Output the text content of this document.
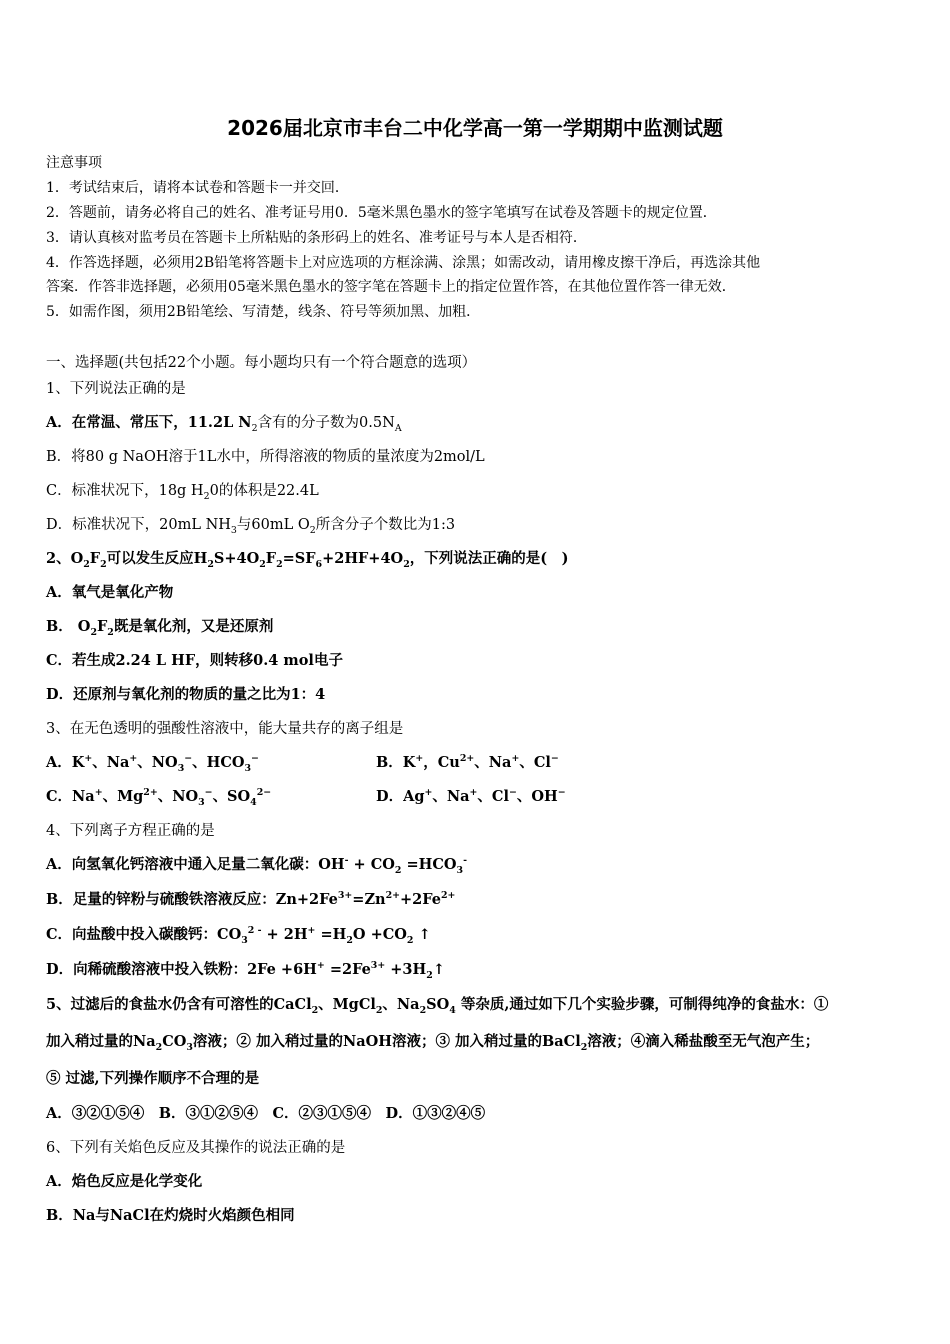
2026届北京市丰台二中化学高一第一学期期中监测试题
注意事项
1．考试结束后，请将本试卷和答题卡一并交回．
2．答题前，请务必将自己的姓名、准考证号用0．5毫米黑色墨水的签字笔填写在试卷及答题卡的规定位置．
3．请认真核对监考员在答题卡上所粘贴的条形码上的姓名、准考证号与本人是否相符．
4．作答选择题，必须用2B铅笔将答题卡上对应选项的方框涂满、涂黑；如需改动，请用橡皮擦干净后，再选涂其他
答案．作答非选择题，必须用05毫米黑色墨水的签字笔在答题卡上的指定位置作答，在其他位置作答一律无效．
5．如需作图，须用2B铅笔绘、写清楚，线条、符号等须加黑、加粗．
一、选择题(共包括22个小题。每小题均只有一个符合题意的选项）
1、下列说法正确的是
A．在常温、常压下，11.2L $N_2$含有的分子数为$0.5N_A$
B．将80 g NaOH溶于1L水中，所得溶液的物质的量浓度为2mol/L
C．标准状况下，18g $H_20$的体积是22.4L
D．标准状况下，20mL $NH_3$与60mL $O_2$所含分子个数比为1:3
2、$O_2F_2$可以发生反应$H_2S+4O_2F_2=SF_6+2HF+4O_2$，下列说法正确的是(　)
A．氧气是氧化产物
B． $O_2F_2$既是氧化剂，又是还原剂
C．若生成2.24 L HF，则转移0.4 mol电子
D．还原剂与氧化剂的物质的量之比为1：4
3、在无色透明的强酸性溶液中，能大量共存的离子组是
A．K+、Na+、$NO_3^-$、$HCO_3^-$	B．K+，$Cu^{2+}$、Na+、Cl−
C．Na+、$Mg^{2+}$、$NO_3^-$、$SO_4^{2-}$	D．Ag+、Na+、Cl−、OH−
4、下列离子方程正确的是
A．向氢氧化钙溶液中通入足量二氧化碳：$OH^- + CO_2 =HCO_3^-$
B．足量的锌粉与硫酸铁溶液反应：$Zn+2Fe^{3+}=Zn^{2+}+2Fe^{2+}$
C．向盐酸中投入碳酸钙：$CO_3^{2 -} + 2H^+ =H_2O +CO_2$ ↑
D．向稀硫酸溶液中投入铁粉：$2Fe +6H^+ =2Fe^{3+}$ $+3H_2↑$
5、过滤后的食盐水仍含有可溶性的CaCl$_2$、MgCl$_2$、$Na_2SO_4$ 等杂质,通过如下几个实验步骤，可制得纯净的食盐水：①
加入稍过量的$Na_2CO_3$溶液；② 加入稍过量的NaOH溶液；③ 加入稍过量的BaCl$_2$溶液；④滴入稀盐酸至无气泡产生；
⑤ 过滤,下列操作顺序不合理的是
A．③②①⑤④　B．③①②⑤④　C．②③①⑤④　D．①③②④⑤
6、下列有关焰色反应及其操作的说法正确的是
A．焰色反应是化学变化
B．Na与NaCl在灼烧时火焰颜色相同
